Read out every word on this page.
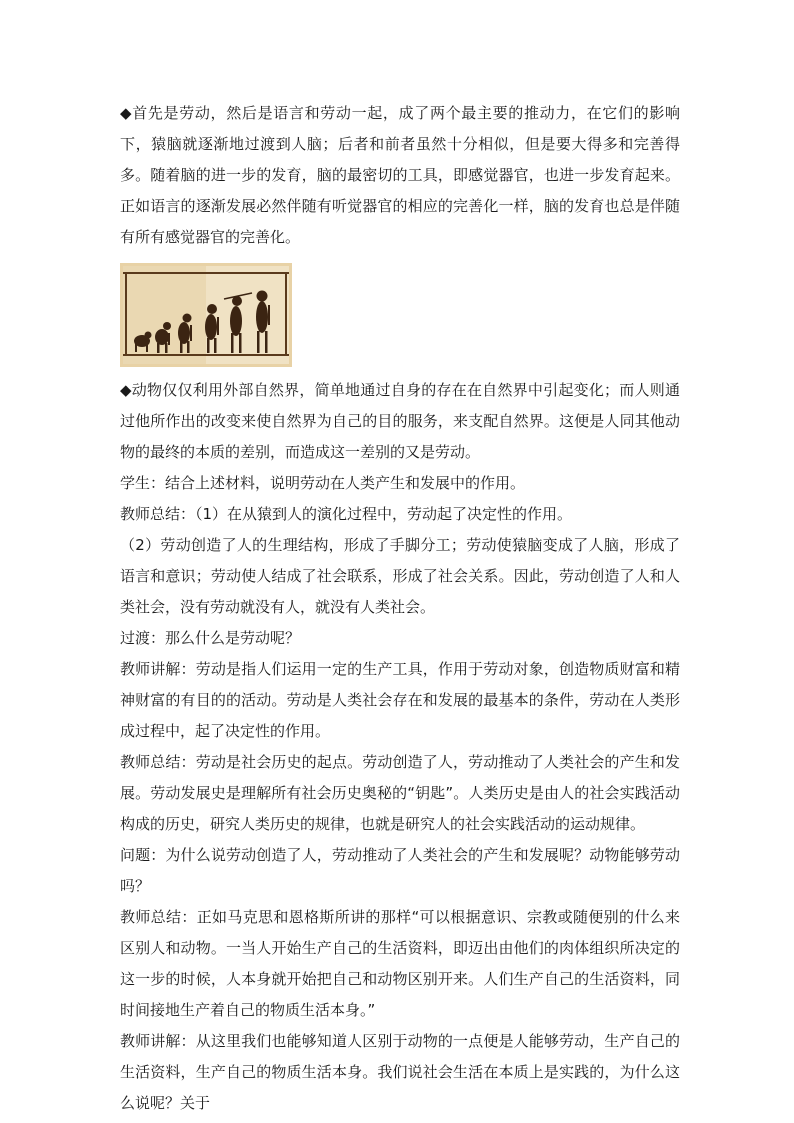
◆首先是劳动，然后是语言和劳动一起，成了两个最主要的推动力，在它们的影响下，猿脑就逐渐地过渡到人脑；后者和前者虽然十分相似，但是要大得多和完善得多。随着脑的进一步的发育，脑的最密切的工具，即感觉器官，也进一步发育起来。正如语言的逐渐发展必然伴随有听觉器官的相应的完善化一样，脑的发育也总是伴随有所有感觉器官的完善化。

◆动物仅仅利用外部自然界，简单地通过自身的存在在自然界中引起变化；而人则通过他所作出的改变来使自然界为自己的目的服务，来支配自然界。这便是人同其他动物的最终的本质的差别，而造成这一差别的又是劳动。

学生：结合上述材料，说明劳动在人类产生和发展中的作用。

教师总结：（1）在从猿到人的演化过程中，劳动起了决定性的作用。

（2）劳动创造了人的生理结构，形成了手脚分工；劳动使猿脑变成了人脑，形成了语言和意识；劳动使人结成了社会联系，形成了社会关系。因此，劳动创造了人和人类社会，没有劳动就没有人，就没有人类社会。

过渡：那么什么是劳动呢？

教师讲解：劳动是指人们运用一定的生产工具，作用于劳动对象，创造物质财富和精神财富的有目的的活动。劳动是人类社会存在和发展的最基本的条件，劳动在人类形成过程中，起了决定性的作用。

教师总结：劳动是社会历史的起点。劳动创造了人，劳动推动了人类社会的产生和发展。劳动发展史是理解所有社会历史奥秘的“钥匙”。人类历史是由人的社会实践活动构成的历史，研究人类历史的规律，也就是研究人的社会实践活动的运动规律。

问题：为什么说劳动创造了人，劳动推动了人类社会的产生和发展呢？动物能够劳动吗？

教师总结：正如马克思和恩格斯所讲的那样“可以根据意识、宗教或随便别的什么来区别人和动物。一当人开始生产自己的生活资料，即迈出由他们的肉体组织所决定的这一步的时候，人本身就开始把自己和动物区别开来。人们生产自己的生活资料，同时间接地生产着自己的物质生活本身。”

教师讲解：从这里我们也能够知道人区别于动物的一点便是人能够劳动，生产自己的生活资料，生产自己的物质生活本身。我们说社会生活在本质上是实践的，为什么这么说呢？关于
